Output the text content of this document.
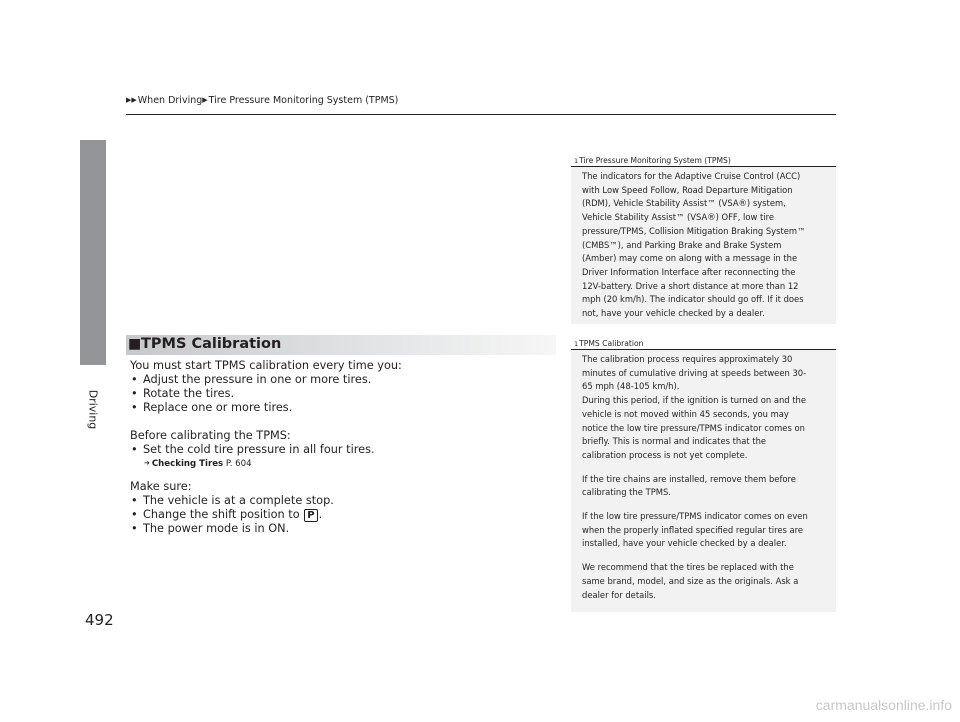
Driving
492
▶▶When Driving▶Tire Pressure Monitoring System (TPMS)
■ TPMS Calibration

You must start TPMS calibration every time you:

• Adjust the pressure in one or more tires.

• Rotate the tires.

• Replace one or more tires.

Before calibrating the TPMS:

• Set the cold tire pressure in all four tires.

➔ Checking Tires P. 604

Make sure:

• The vehicle is at a complete stop.

• Change the shift position to P .

• The power mode is in ON.

1Tire Pressure Monitoring System (TPMS)

The indicators for the Adaptive Cruise Control (ACC)
with Low Speed Follow, Road Departure Mitigation
(RDM), Vehicle Stability Assist™ (VSA®) system,
Vehicle Stability Assist™ (VSA®) OFF, low tire
pressure/TPMS, Collision Mitigation Braking System™
(CMBS™), and Parking Brake and Brake System
(Amber) may come on along with a message in the
Driver Information Interface after reconnecting the
12V-battery. Drive a short distance at more than 12
mph (20 km/h). The indicator should go off. If it does
not, have your vehicle checked by a dealer.

1TPMS Calibration

The calibration process requires approximately 30
minutes of cumulative driving at speeds between 30-
65 mph (48-105 km/h).
During this period, if the ignition is turned on and the
vehicle is not moved within 45 seconds, you may
notice the low tire pressure/TPMS indicator comes on
briefly. This is normal and indicates that the
calibration process is not yet complete.

If the tire chains are installed, remove them before
calibrating the TPMS.

If the low tire pressure/TPMS indicator comes on even
when the properly inflated specified regular tires are
installed, have your vehicle checked by a dealer.

We recommend that the tires be replaced with the
same brand, model, and size as the originals. Ask a
dealer for details.

carmanualsonline.info
